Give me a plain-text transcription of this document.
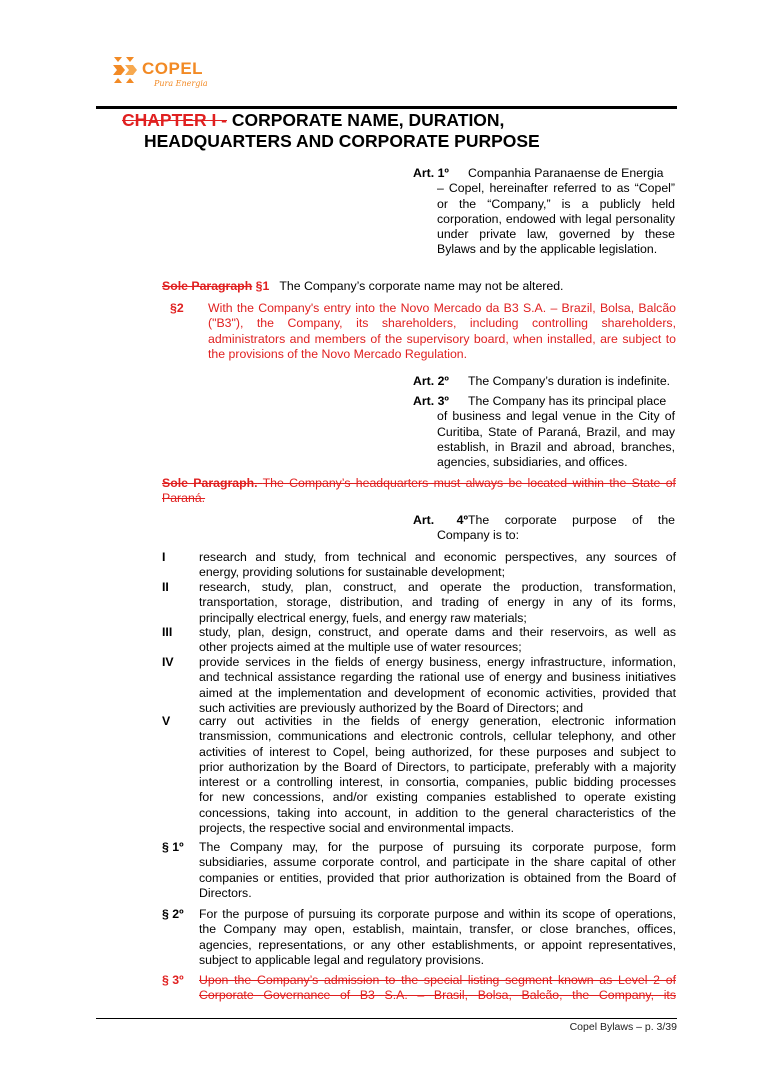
COPEL
Pura Energia
CHAPTER I - CORPORATE NAME, DURATION,
HEADQUARTERS AND CORPORATE PURPOSE
Art. 1º Companhia Paranaense de Energia
– Copel, hereinafter referred to as “Copel” or the “Company,” is a publicly held corporation, endowed with legal personality under private law, governed by these Bylaws and by the applicable legislation.
Sole Paragraph §1 The Company’s corporate name may not be altered.
§2 With the Company's entry into the Novo Mercado da B3 S.A. – Brazil, Bolsa, Balcão ("B3"), the Company, its shareholders, including controlling shareholders, administrators and members of the supervisory board, when installed, are subject to the provisions of the Novo Mercado Regulation.
Art. 2º The Company’s duration is indefinite.
Art. 3º The Company has its principal place
of business and legal venue in the City of Curitiba, State of Paraná, Brazil, and may establish, in Brazil and abroad, branches, agencies, subsidiaries, and offices.
Sole Paragraph. The Company’s headquarters must always be located within the State of Paraná.
Art. 4ºThe corporate purpose of the
Company is to:
I	research and study, from technical and economic perspectives, any sources of
energy, providing solutions for sustainable development;
II	research, study, plan, construct, and operate the production, transformation,
transportation, storage, distribution, and trading of energy in any of its forms,
principally electrical energy, fuels, and energy raw materials;
III	study, plan, design, construct, and operate dams and their reservoirs, as well as
other projects aimed at the multiple use of water resources;
IV	provide services in the fields of energy business, energy infrastructure, information,
and technical assistance regarding the rational use of energy and business initiatives
aimed at the implementation and development of economic activities, provided that
such activities are previously authorized by the Board of Directors; and
V	carry out activities in the fields of energy generation, electronic information
transmission, communications and electronic controls, cellular telephony, and other
activities of interest to Copel, being authorized, for these purposes and subject to
prior authorization by the Board of Directors, to participate, preferably with a majority
interest or a controlling interest, in consortia, companies, public bidding processes
for new concessions, and/or existing companies established to operate existing
concessions, taking into account, in addition to the general characteristics of the
projects, the respective social and environmental impacts.
§ 1º	The Company may, for the purpose of pursuing its corporate purpose, form
subsidiaries, assume corporate control, and participate in the share capital of other
companies or entities, provided that prior authorization is obtained from the Board of
Directors.
§ 2º	For the purpose of pursuing its corporate purpose and within its scope of operations,
the Company may open, establish, maintain, transfer, or close branches, offices,
agencies, representations, or any other establishments, or appoint representatives,
subject to applicable legal and regulatory provisions.
§ 3º	Upon the Company’s admission to the special listing segment known as Level 2 of
Corporate Governance of B3 S.A. – Brasil, Bolsa, Balcão, the Company, its
Copel Bylaws – p. 3/39
